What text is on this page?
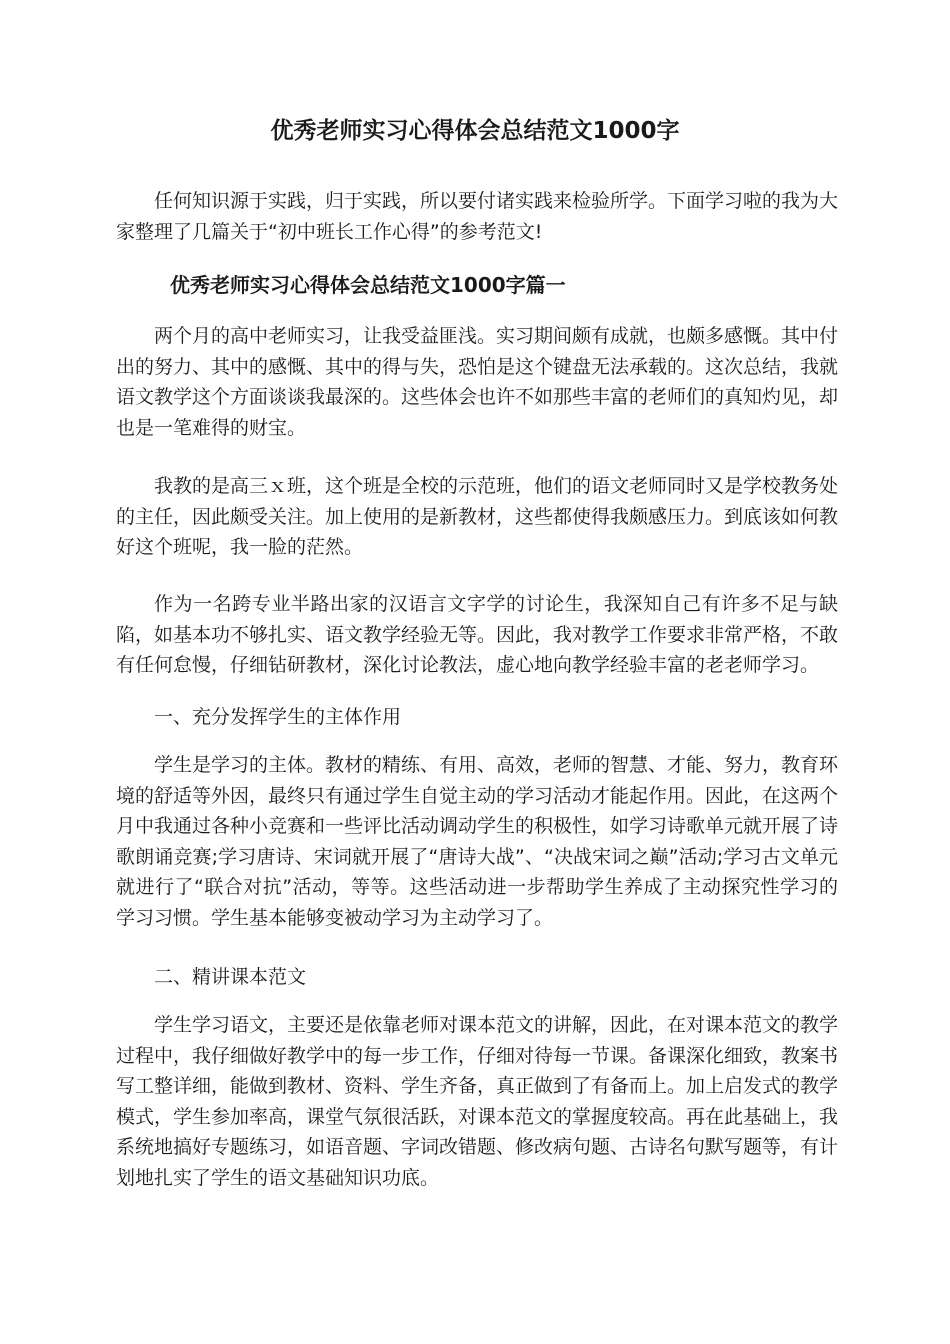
优秀老师实习心得体会总结范文1000字

任何知识源于实践，归于实践，所以要付诸实践来检验所学。下面学习啦的我为大家整理了几篇关于“初中班长工作心得”的参考范文!

优秀老师实习心得体会总结范文1000字篇一

两个月的高中老师实习，让我受益匪浅。实习期间颇有成就，也颇多感慨。其中付出的努力、其中的感慨、其中的得与失，恐怕是这个键盘无法承载的。这次总结，我就语文教学这个方面谈谈我最深的。这些体会也许不如那些丰富的老师们的真知灼见，却也是一笔难得的财宝。

我教的是高三ｘ班，这个班是全校的示范班，他们的语文老师同时又是学校教务处的主任，因此颇受关注。加上使用的是新教材，这些都使得我颇感压力。到底该如何教好这个班呢，我一脸的茫然。

作为一名跨专业半路出家的汉语言文字学的讨论生，我深知自己有许多不足与缺陷，如基本功不够扎实、语文教学经验无等。因此，我对教学工作要求非常严格，不敢有任何怠慢，仔细钻研教材，深化讨论教法，虚心地向教学经验丰富的老老师学习。

一、充分发挥学生的主体作用

学生是学习的主体。教材的精练、有用、高效，老师的智慧、才能、努力，教育环境的舒适等外因，最终只有通过学生自觉主动的学习活动才能起作用。因此，在这两个月中我通过各种小竞赛和一些评比活动调动学生的积极性，如学习诗歌单元就开展了诗歌朗诵竞赛;学习唐诗、宋词就开展了“唐诗大战”、“决战宋词之巅”活动;学习古文单元就进行了“联合对抗”活动，等等。这些活动进一步帮助学生养成了主动探究性学习的学习习惯。学生基本能够变被动学习为主动学习了。

二、精讲课本范文

学生学习语文，主要还是依靠老师对课本范文的讲解，因此，在对课本范文的教学过程中，我仔细做好教学中的每一步工作，仔细对待每一节课。备课深化细致，教案书写工整详细，能做到教材、资料、学生齐备，真正做到了有备而上。加上启发式的教学模式，学生参加率高，课堂气氛很活跃，对课本范文的掌握度较高。再在此基础上，我系统地搞好专题练习，如语音题、字词改错题、修改病句题、古诗名句默写题等，有计划地扎实了学生的语文基础知识功底。
